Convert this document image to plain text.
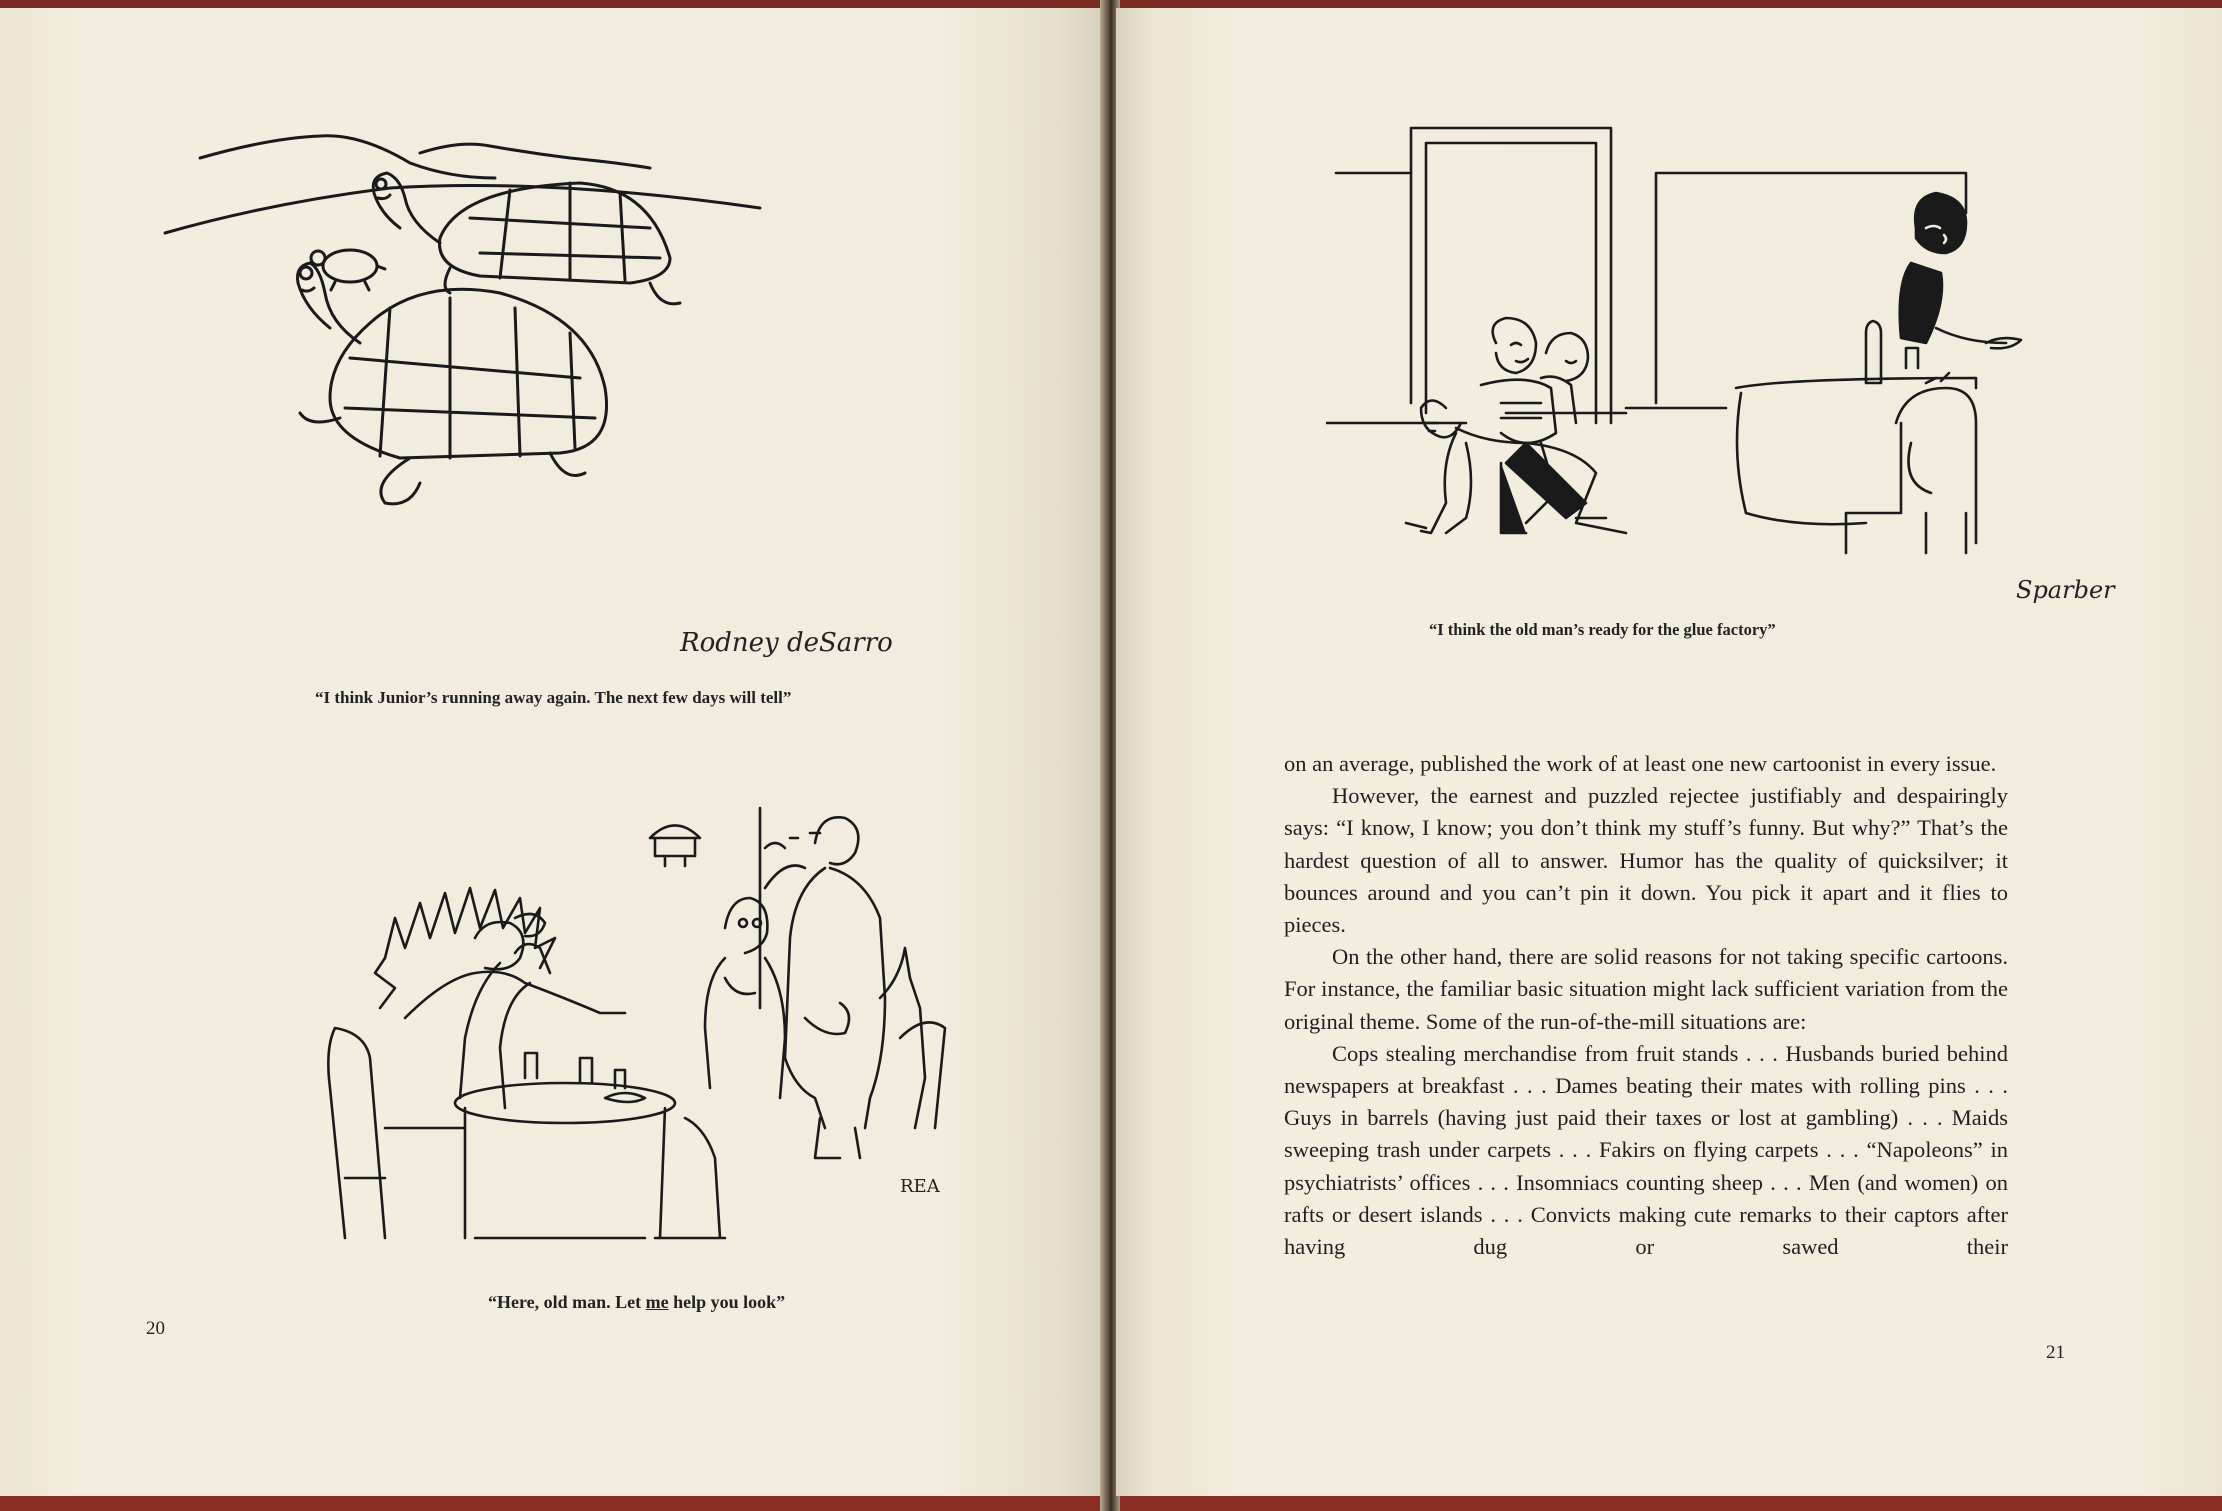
Rodney deSarro
“I think Junior’s running away again. The next few days will tell”
REA
“Here, old man. Let me help you look”
20
Sparber
“I think the old man’s ready for the glue factory”

on an average, published the work of at least one new cartoonist in every issue.

However, the earnest and puzzled rejectee justifiably and despairingly says: “I know, I know; you don’t think my stuff’s funny. But why?” That’s the hardest question of all to answer. Humor has the quality of quicksilver; it bounces around and you can’t pin it down. You pick it apart and it flies to pieces.

On the other hand, there are solid reasons for not taking specific cartoons. For instance, the familiar basic situation might lack sufficient variation from the original theme. Some of the run-of-the-mill situations are:

Cops stealing merchandise from fruit stands . . . Husbands buried behind newspapers at breakfast . . . Dames beating their mates with rolling pins . . . Guys in barrels (having just paid their taxes or lost at gambling) . . . Maids sweeping trash under carpets . . . Fakirs on flying carpets . . . “Napoleons” in psychiatrists’ offices . . . Insomniacs counting sheep . . . Men (and women) on rafts or desert islands . . . Convicts making cute remarks to their captors after having dug or sawed their

21
